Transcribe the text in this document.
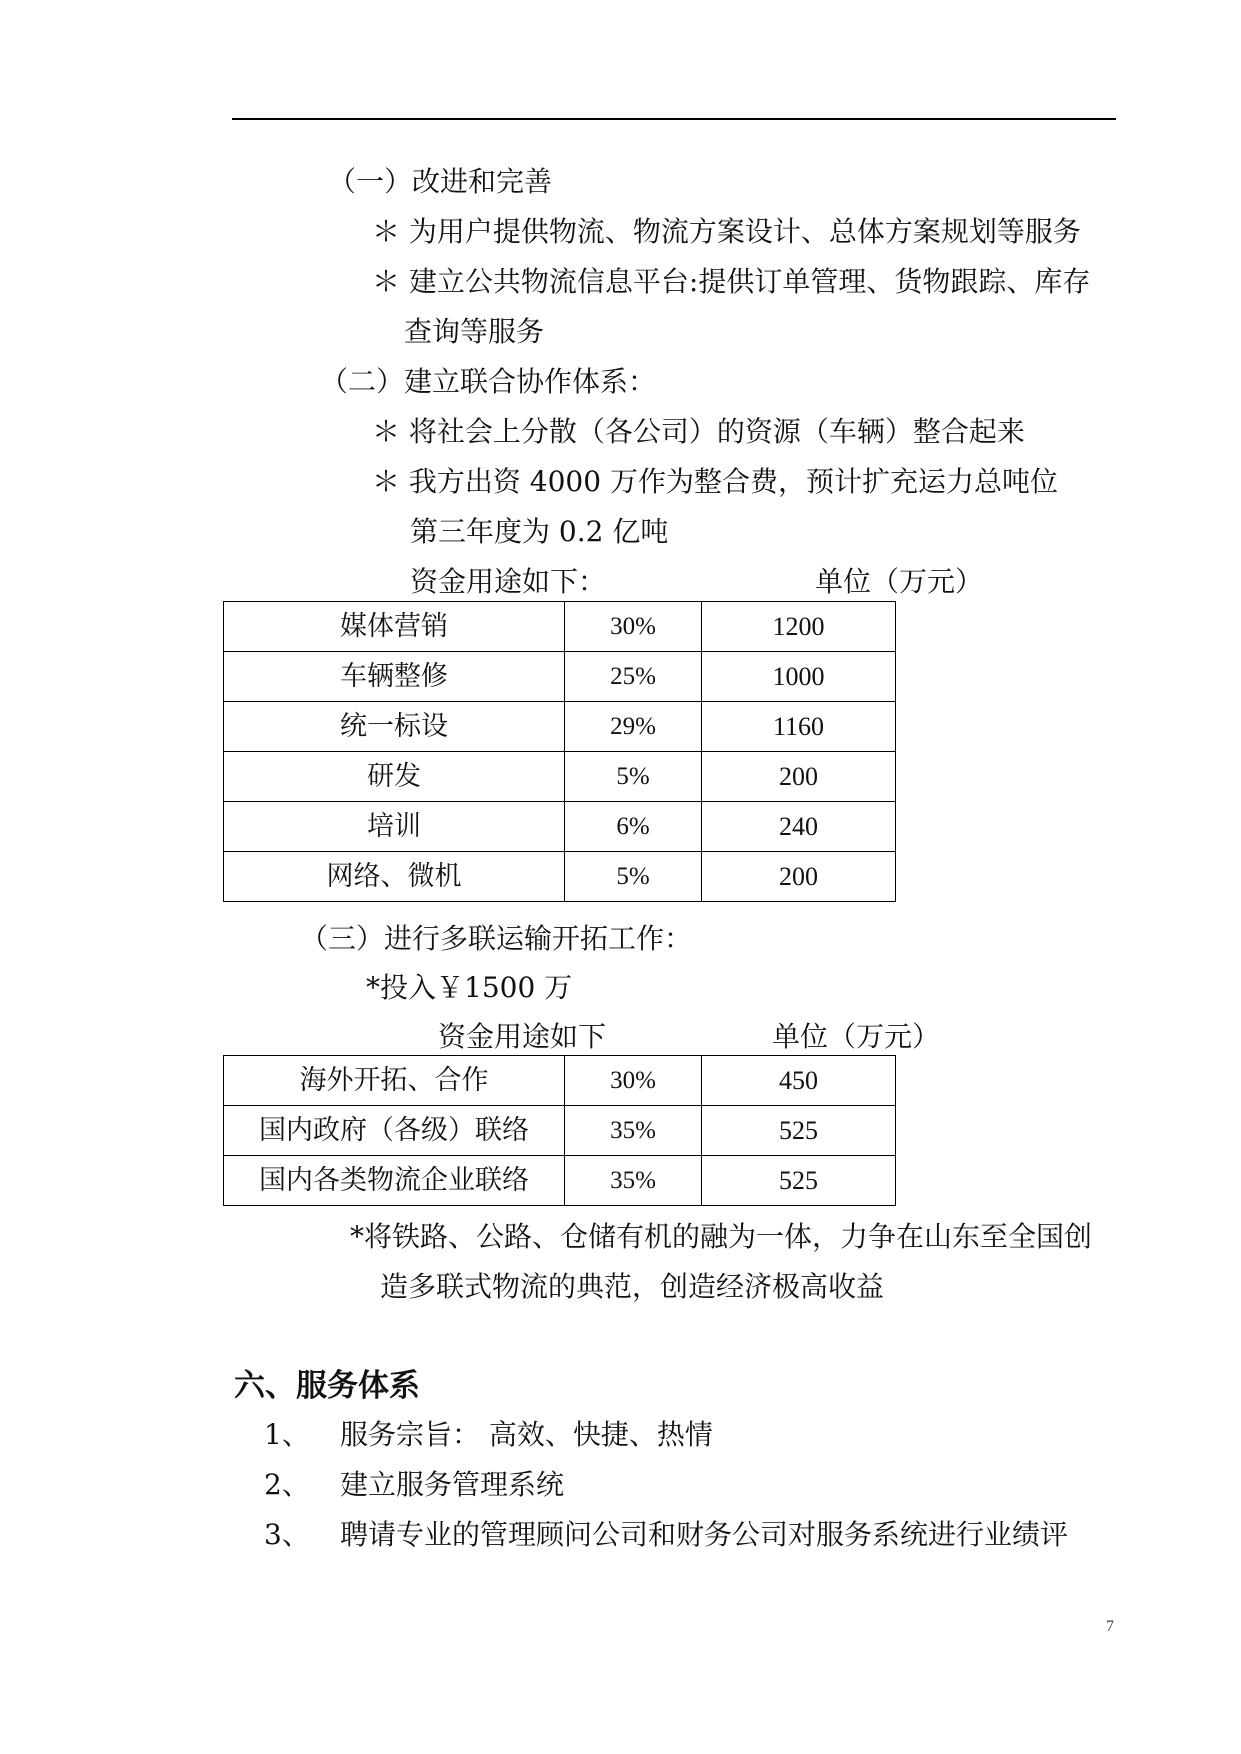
（一）改进和完善
＊ 为用户提供物流、物流方案设计、总体方案规划等服务
＊ 建立公共物流信息平台:提供订单管理、货物跟踪、库存
查询等服务
（二）建立联合协作体系：
＊ 将社会上分散（各公司）的资源（车辆）整合起来
＊ 我方出资 4000 万作为整合费，预计扩充运力总吨位
第三年度为 0.2 亿吨
资金用途如下：	单位（万元）
媒体营销	30%	1200
车辆整修	25%	1000
统一标设	29%	1160
研发	5%	200
培训	6%	240
网络、微机	5%	200
（三）进行多联运输开拓工作：
*投入￥1500 万
资金用途如下	单位（万元）
海外开拓、合作	30%	450
国内政府（各级）联络	35%	525
国内各类物流企业联络	35%	525
*将铁路、公路、仓储有机的融为一体，力争在山东至全国创
造多联式物流的典范，创造经济极高收益
六、服务体系
1、 服务宗旨： 高效、快捷、热情
2、 建立服务管理系统
3、 聘请专业的管理顾问公司和财务公司对服务系统进行业绩评
7
